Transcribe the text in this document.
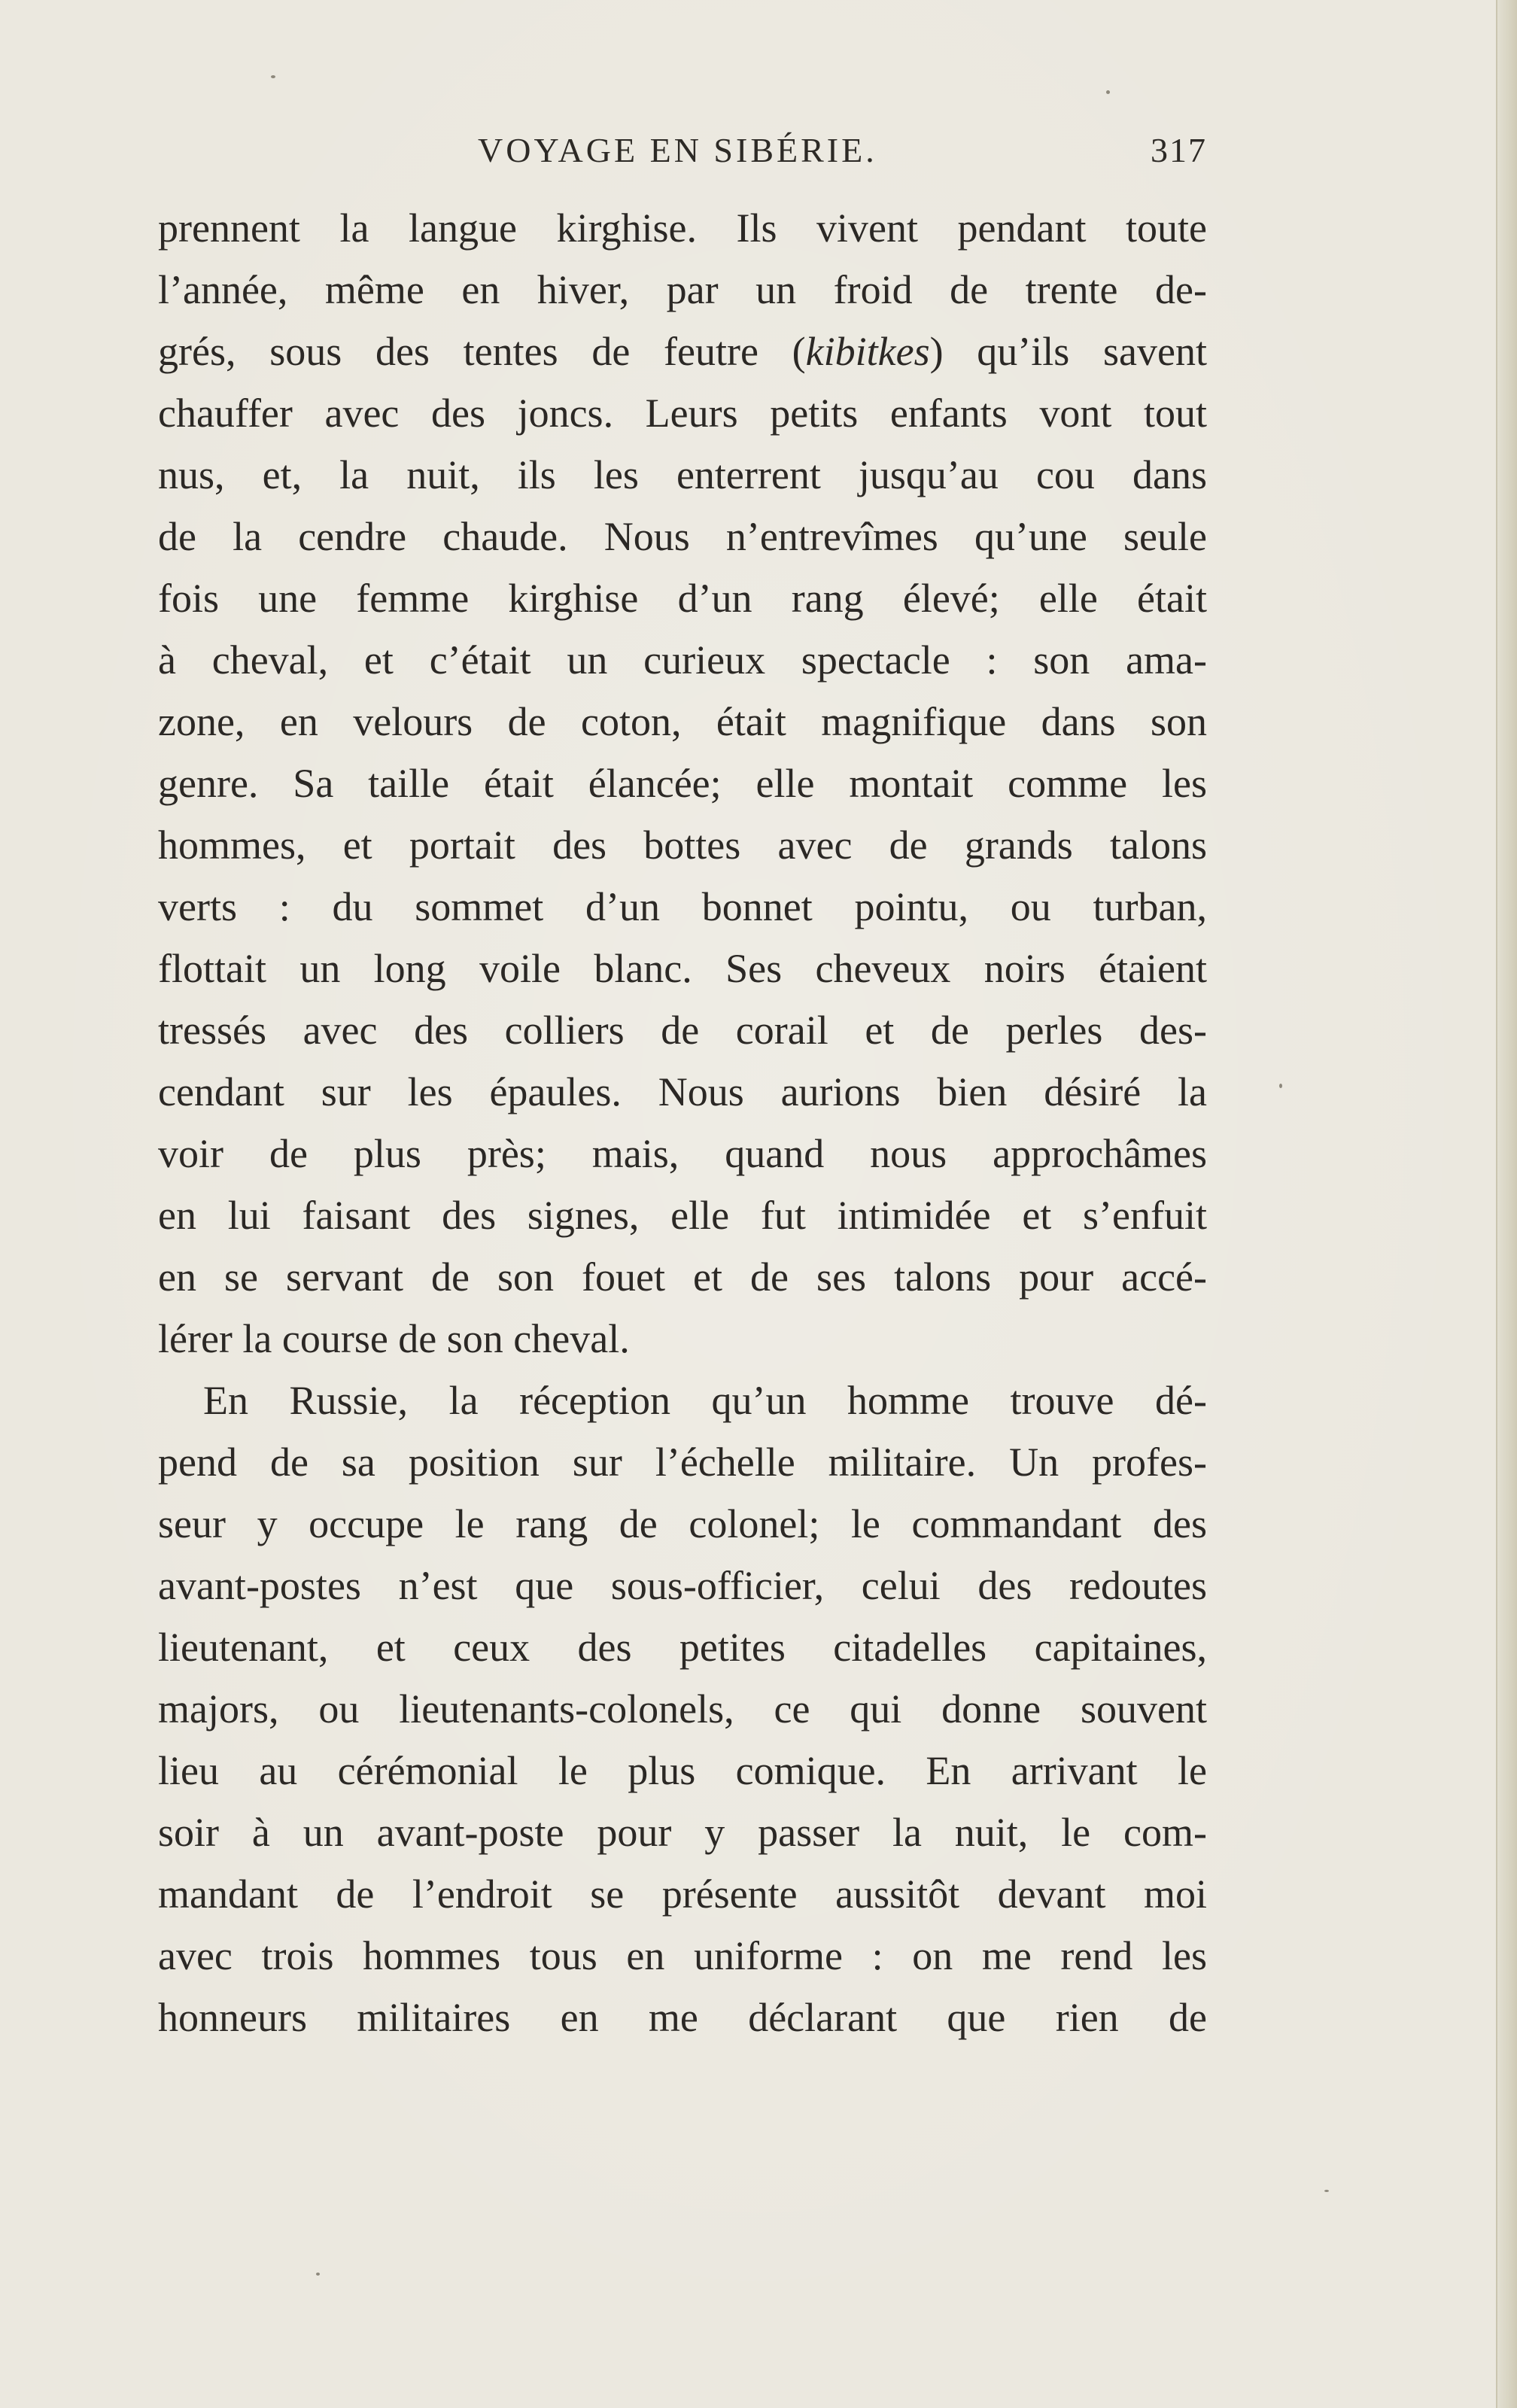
VOYAGE EN SIBÉRIE.	317
prennent la langue kirghise. Ils vivent pendant toute
l’année, même en hiver, par un froid de trente de-
grés, sous des tentes de feutre (kibitkes) qu’ils savent
chauffer avec des joncs. Leurs petits enfants vont tout
nus, et, la nuit, ils les enterrent jusqu’au cou dans
de la cendre chaude. Nous n’entrevîmes qu’une seule
fois une femme kirghise d’un rang élevé; elle était
à cheval, et c’était un curieux spectacle : son ama-
zone, en velours de coton, était magnifique dans son
genre. Sa taille était élancée; elle montait comme les
hommes, et portait des bottes avec de grands talons
verts : du sommet d’un bonnet pointu, ou turban,
flottait un long voile blanc. Ses cheveux noirs étaient
tressés avec des colliers de corail et de perles des-
cendant sur les épaules. Nous aurions bien désiré la
voir de plus près; mais, quand nous approchâmes
en lui faisant des signes, elle fut intimidée et s’enfuit
en se servant de son fouet et de ses talons pour accé-
lérer la course de son cheval.
En Russie, la réception qu’un homme trouve dé-
pend de sa position sur l’échelle militaire. Un profes-
seur y occupe le rang de colonel; le commandant des
avant-postes n’est que sous-officier, celui des redoutes
lieutenant, et ceux des petites citadelles capitaines,
majors, ou lieutenants-colonels, ce qui donne souvent
lieu au cérémonial le plus comique. En arrivant le
soir à un avant-poste pour y passer la nuit, le com-
mandant de l’endroit se présente aussitôt devant moi
avec trois hommes tous en uniforme : on me rend les
honneurs militaires en me déclarant que rien de
